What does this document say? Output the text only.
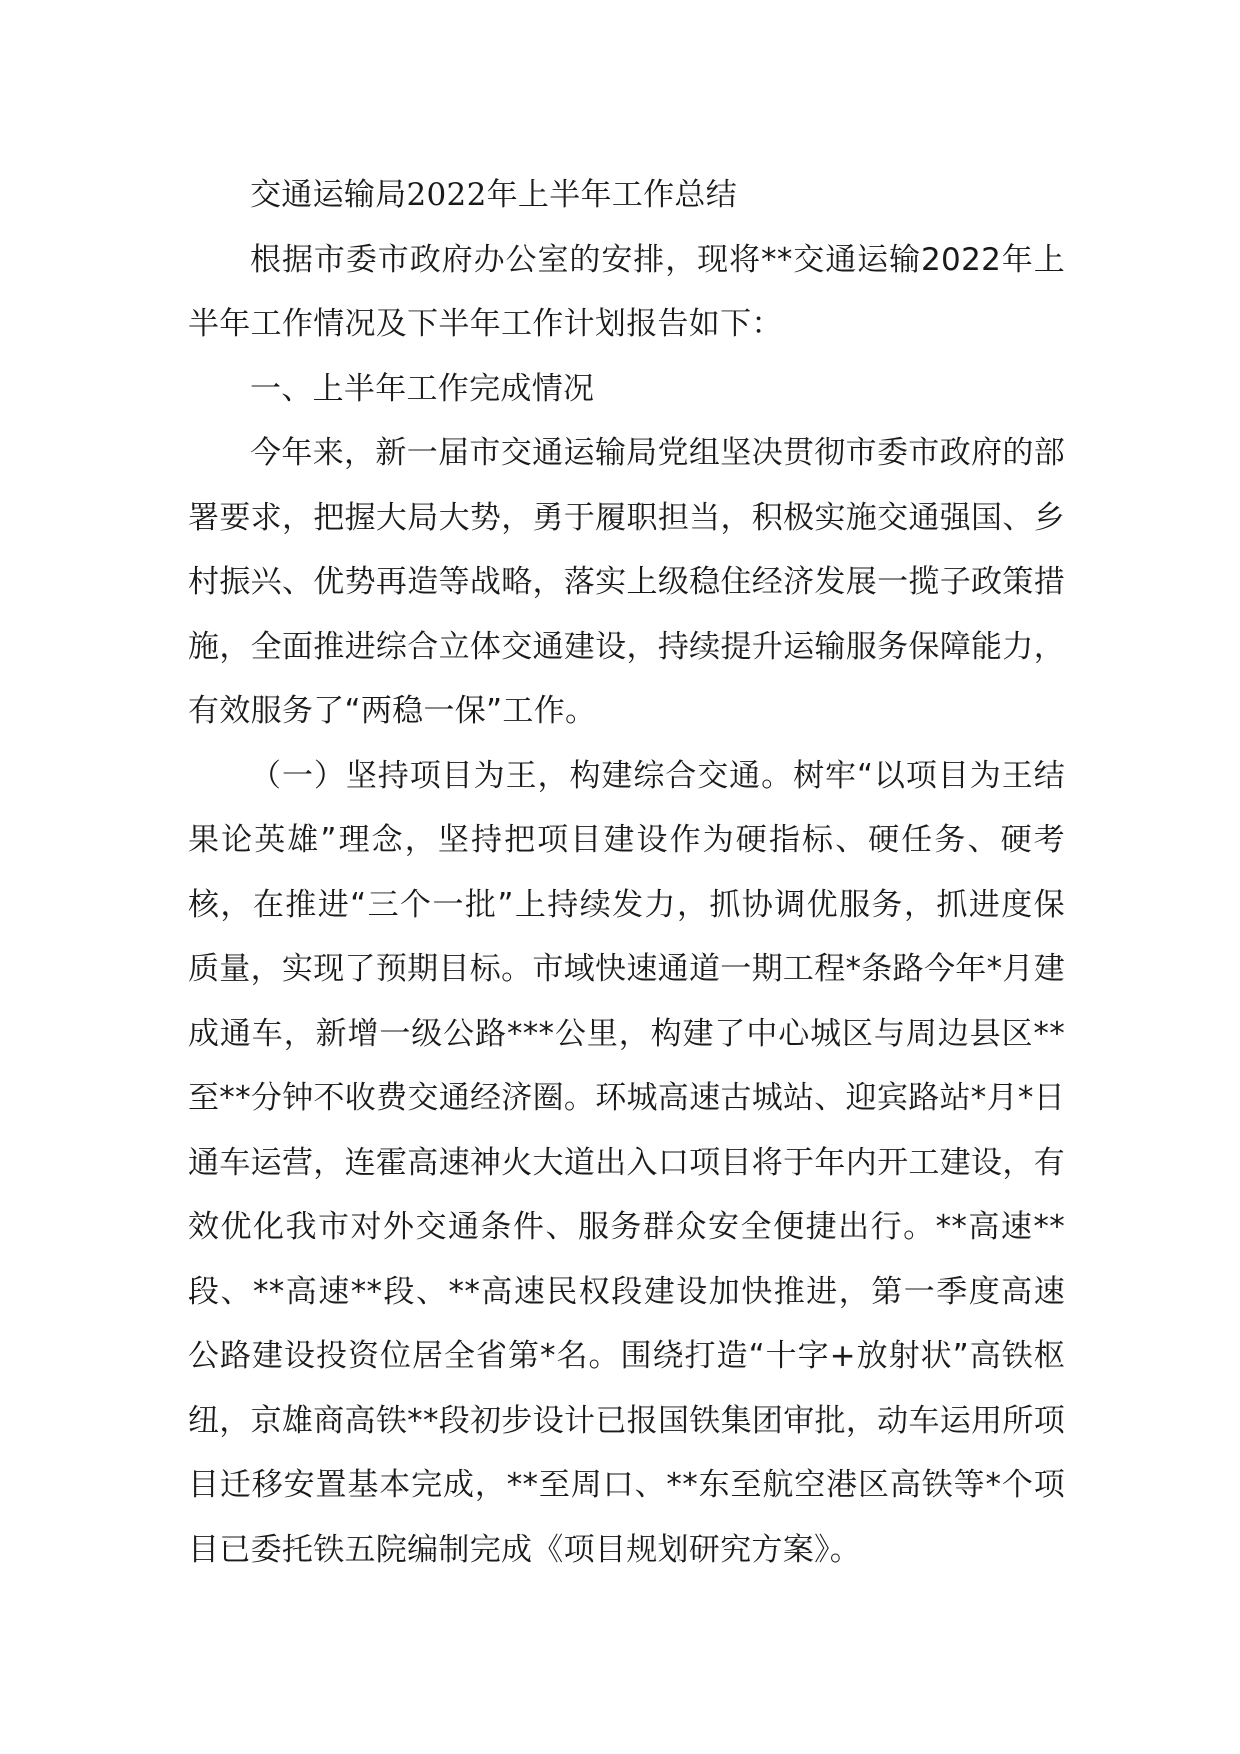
交通运输局2022年上半年工作总结

根据市委市政府办公室的安排，现将**交通运输2022年上半年工作情况及下半年工作计划报告如下：

一、上半年工作完成情况

今年来，新一届市交通运输局党组坚决贯彻市委市政府的部署要求，把握大局大势，勇于履职担当，积极实施交通强国、乡村振兴、优势再造等战略，落实上级稳住经济发展一揽子政策措施，全面推进综合立体交通建设，持续提升运输服务保障能力，有效服务了“两稳一保”工作。

（一）坚持项目为王，构建综合交通。树牢“以项目为王结果论英雄”理念，坚持把项目建设作为硬指标、硬任务、硬考核，在推进“三个一批”上持续发力，抓协调优服务，抓进度保质量，实现了预期目标。市域快速通道一期工程*条路今年*月建成通车，新增一级公路***公里，构建了中心城区与周边县区**至**分钟不收费交通经济圈。环城高速古城站、迎宾路站*月*日通车运营，连霍高速神火大道出入口项目将于年内开工建设，有效优化我市对外交通条件、服务群众安全便捷出行。**高速**段、**高速**段、**高速民权段建设加快推进，第一季度高速公路建设投资位居全省第*名。围绕打造“十字+放射状”高铁枢纽，京雄商高铁**段初步设计已报国铁集团审批，动车运用所项目迁移安置基本完成，**至周口、**东至航空港区高铁等*个项目已委托铁五院编制完成《项目规划研究方案》。
